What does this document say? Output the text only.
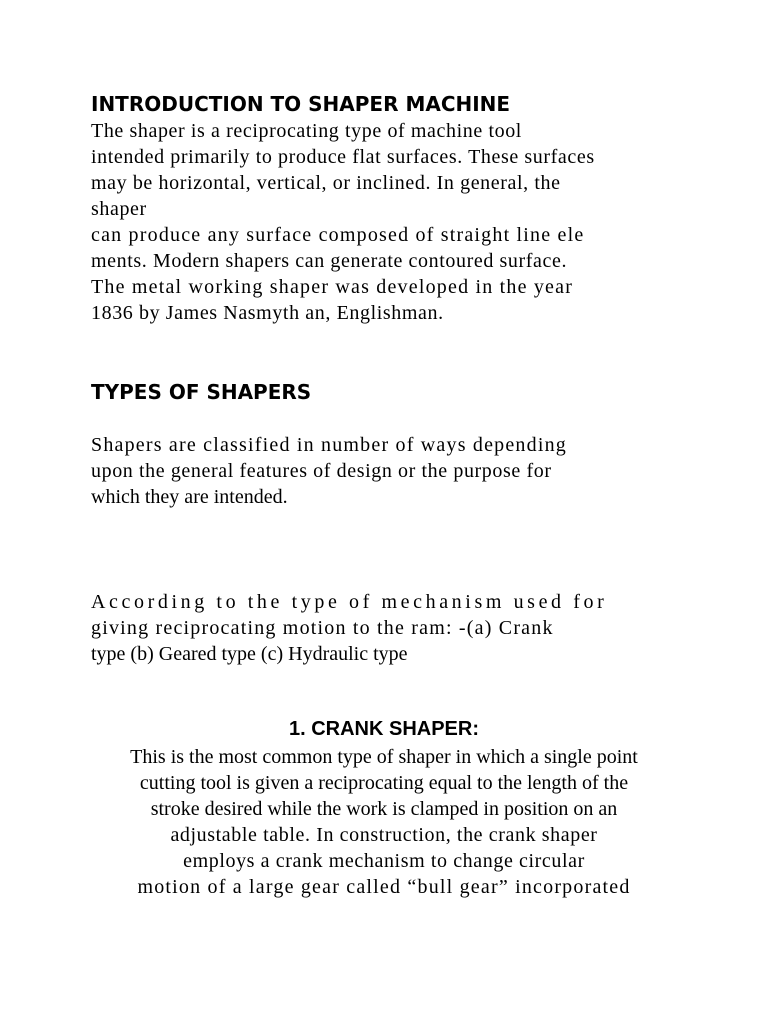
INTRODUCTION TO SHAPER MACHINE

The shaper is a reciprocating type of machine tool

intended primarily to produce flat surfaces. These surfaces

may be horizontal, vertical, or inclined. In general, the

shaper

can produce any surface composed of straight line ele

ments. Modern shapers can generate contoured surface.

The metal working shaper was developed in the year

1836 by James Nasmyth an, Englishman.

TYPES OF SHAPERS

Shapers are classified in number of ways depending

upon the general features of design or the purpose for

which they are intended.

According to the type of mechanism used for

giving reciprocating motion to the ram: -(a) Crank

type (b) Geared type (c) Hydraulic type

1. CRANK SHAPER:

This is the most common type of shaper in which a single point

cutting tool is given a reciprocating equal to the length of the

stroke desired while the work is clamped in position on an

adjustable table. In construction, the crank shaper

employs a crank mechanism to change circular

motion of a large gear called “bull gear” incorporated
